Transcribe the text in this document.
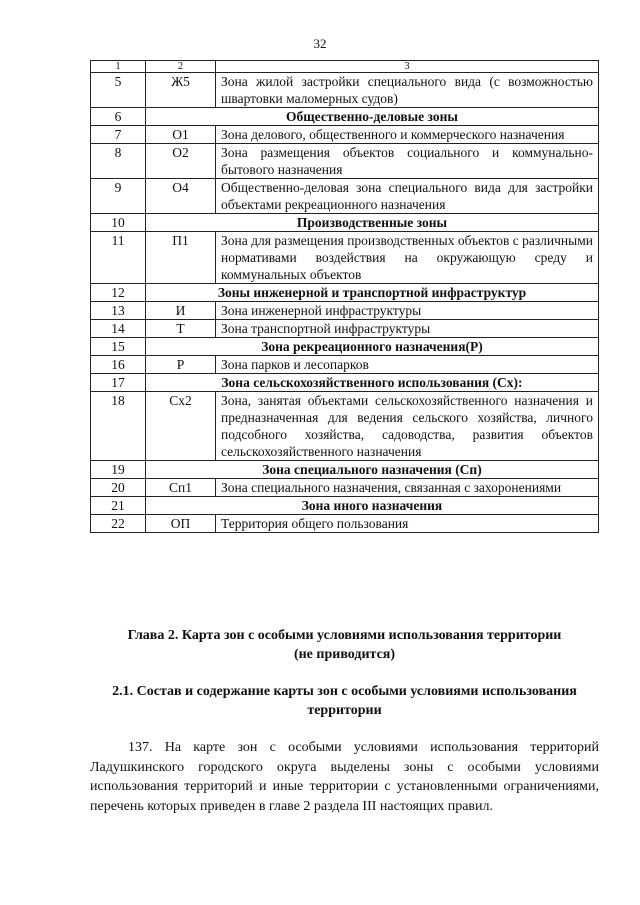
32
1	2	3
5	Ж5	Зона жилой застройки специального вида (с возможностью швартовки маломерных судов)
6	Общественно-деловые зоны	
7	О1	Зона делового, общественного и коммерческого назначения
8	О2	Зона размещения объектов социального и коммунально-бытового назначения
9	О4	Общественно-деловая зона специального вида для застройки объектами рекреационного назначения
10	Производственные зоны	
11	П1	Зона для размещения производственных объектов с различными нормативами воздействия на окружающую среду и коммунальных объектов
12	Зоны инженерной и транспортной инфраструктур	
13	И	Зона инженерной инфраструктуры
14	Т	Зона транспортной инфраструктуры
15	Зона рекреационного назначения(Р)	
16	Р	Зона парков и лесопарков
17	Зона сельскохозяйственного использования (Сх):	
18	Сх2	Зона, занятая объектами сельскохозяйственного назначения и предназначенная для ведения сельского хозяйства, личного подсобного хозяйства, садоводства, развития объектов сельскохозяйственного назначения
19	Зона специального назначения (Сп)	
20	Сп1	Зона специального назначения, связанная с захоронениями
21	Зона иного назначения	
22	ОП	Территория общего пользования
Глава 2. Карта зон с особыми условиями использования территории
(не приводится)
2.1. Состав и содержание карты зон с особыми условиями использования
территории
137. На карте зон с особыми условиями использования территорий Ладушкинского городского округа выделены зоны с особыми условиями использования территорий и иные территории с установленными ограничениями, перечень которых приведен в главе 2 раздела III настоящих правил.
